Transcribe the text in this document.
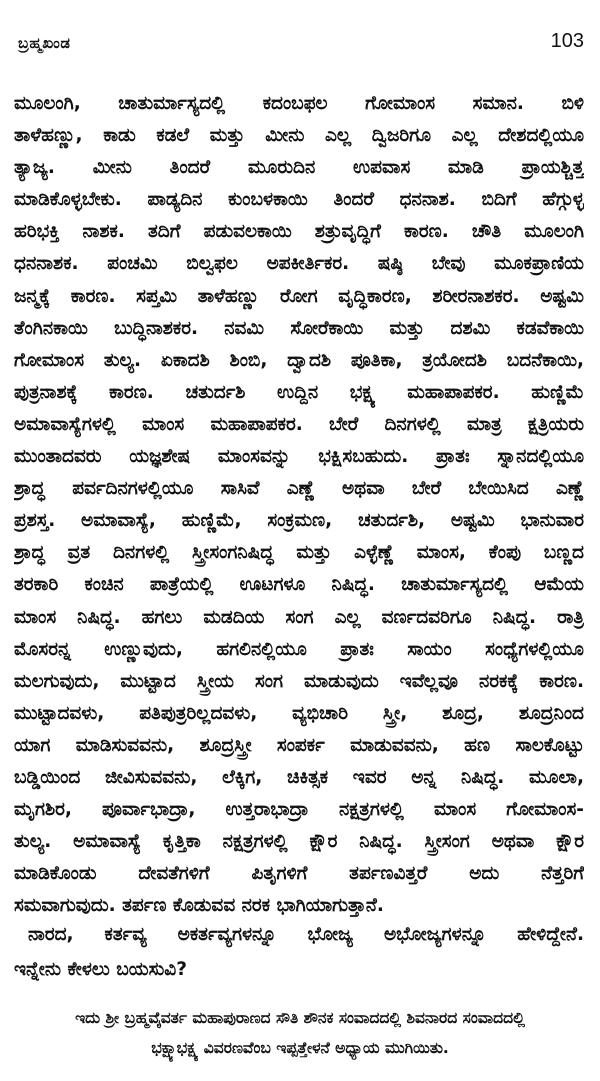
ಬ್ರಹ್ಮಖಂಡ	103
ಮೂಲಂಗಿ, ಚಾತುರ್ಮಾಸ್ಯದಲ್ಲಿ ಕದಂಬಫಲ ಗೋಮಾಂಸ ಸಮಾನ. ಬಿಳಿ
ತಾಳೆಹಣ್ಣು, ಕಾಡು ಕಡಲೆ ಮತ್ತು ಮೀನು ಎಲ್ಲ ದ್ವಿಜರಿಗೂ ಎಲ್ಲ ದೇಶದಲ್ಲಿಯೂ
ತ್ಯಾಜ್ಯ. ಮೀನು ತಿಂದರೆ ಮೂರುದಿನ ಉಪವಾಸ ಮಾಡಿ ಪ್ರಾಯಶ್ಚಿತ್ತ
ಮಾಡಿಕೊಳ್ಳಬೇಕು. ಪಾಡ್ಯದಿನ ಕುಂಬಳಕಾಯಿ ತಿಂದರೆ ಧನನಾಶ. ಬಿದಿಗೆ ಹೆಗ್ಗುಳ್ಳ
ಹರಿಭಕ್ತಿ ನಾಶಕ. ತದಿಗೆ ಪಡುವಲಕಾಯಿ ಶತ್ರುವೃದ್ಧಿಗೆ ಕಾರಣ. ಚೌತಿ ಮೂಲಂಗಿ
ಧನನಾಶಕ. ಪಂಚಮಿ ಬಿಲ್ವಫಲ ಅಪಕೀರ್ತಿಕರ. ಷಷ್ಠಿ ಬೇವು ಮೂಕಪ್ರಾಣಿಯ
ಜನ್ಮಕ್ಕೆ ಕಾರಣ. ಸಪ್ತಮಿ ತಾಳೆಹಣ್ಣು ರೋಗ ವೃದ್ಧಿಕಾರಣ, ಶರೀರನಾಶಕರ. ಅಷ್ಟಮಿ
ತೆಂಗಿನಕಾಯಿ ಬುದ್ಧಿನಾಶಕರ. ನವಮಿ ಸೋರೆಕಾಯಿ ಮತ್ತು ದಶಮಿ ಕಡವೆಕಾಯಿ
ಗೋಮಾಂಸ ತುಲ್ಯ. ಏಕಾದಶಿ ಶಿಂಬಿ, ದ್ವಾದಶಿ ಪೂತಿಕಾ, ತ್ರಯೋದಶಿ ಬದನೆಕಾಯಿ,
ಪುತ್ರನಾಶಕ್ಕೆ ಕಾರಣ. ಚತುರ್ದಶಿ ಉದ್ದಿನ ಭಕ್ಷ್ಯ ಮಹಾಪಾಪಕರ. ಹುಣ್ಣಿಮೆ
ಅಮಾವಾಸ್ಯೆಗಳಲ್ಲಿ ಮಾಂಸ ಮಹಾಪಾಪಕರ. ಬೇರೆ ದಿನಗಳಲ್ಲಿ ಮಾತ್ರ ಕ್ಷತ್ರಿಯರು
ಮುಂತಾದವರು ಯಜ್ಞಶೇಷ ಮಾಂಸವನ್ನು ಭಕ್ಷಿಸಬಹುದು. ಪ್ರಾತಃ ಸ್ನಾನದಲ್ಲಿಯೂ
ಶ್ರಾದ್ಧ ಪರ್ವದಿನಗಳಲ್ಲಿಯೂ ಸಾಸಿವೆ ಎಣ್ಣೆ ಅಥವಾ ಬೇರೆ ಬೇಯಿಸಿದ ಎಣ್ಣೆ
ಪ್ರಶಸ್ತ. ಅಮಾವಾಸ್ಯೆ, ಹುಣ್ಣಿಮೆ, ಸಂಕ್ರಮಣ, ಚತುರ್ದಶಿ, ಅಷ್ಟಮಿ ಭಾನುವಾರ
ಶ್ರಾದ್ಧ ವ್ರತ ದಿನಗಳಲ್ಲಿ ಸ್ತ್ರೀಸಂಗನಿಷಿದ್ಧ ಮತ್ತು ಎಳ್ಳೆಣ್ಣೆ ಮಾಂಸ, ಕೆಂಪು ಬಣ್ಣದ
ತರಕಾರಿ ಕಂಚಿನ ಪಾತ್ರೆಯಲ್ಲಿ ಊಟಗಳೂ ನಿಷಿದ್ಧ. ಚಾತುರ್ಮಾಸ್ಯದಲ್ಲಿ ಆಮೆಯ
ಮಾಂಸ ನಿಷಿದ್ಧ. ಹಗಲು ಮಡದಿಯ ಸಂಗ ಎಲ್ಲ ವರ್ಣದವರಿಗೂ ನಿಷಿದ್ಧ. ರಾತ್ರಿ
ಮೊಸರನ್ನ ಉಣ್ಣುವುದು, ಹಗಲಿನಲ್ಲಿಯೂ ಪ್ರಾತಃ ಸಾಯಂ ಸಂಧ್ಯೆಗಳಲ್ಲಿಯೂ
ಮಲಗುವುದು, ಮುಟ್ಟಾದ ಸ್ತ್ರೀಯ ಸಂಗ ಮಾಡುವುದು ಇವೆಲ್ಲವೂ ನರಕಕ್ಕೆ ಕಾರಣ.
ಮುಟ್ಟಾದವಳು, ಪತಿಪುತ್ರರಿಲ್ಲದವಳು, ವ್ಯಭಿಚಾರಿ ಸ್ತ್ರೀ, ಶೂದ್ರ, ಶೂದ್ರನಿಂದ
ಯಾಗ ಮಾಡಿಸುವವನು, ಶೂದ್ರಸ್ತ್ರೀ ಸಂಪರ್ಕ ಮಾಡುವವನು, ಹಣ ಸಾಲಕೊಟ್ಟು
ಬಡ್ಡಿಯಿಂದ ಜೀವಿಸುವವನು, ಲೆಕ್ಕಿಗ, ಚಿಕಿತ್ಸಕ ಇವರ ಅನ್ನ ನಿಷಿದ್ಧ. ಮೂಲಾ,
ಮೃಗಶಿರ, ಪೂರ್ವಾಭಾದ್ರಾ, ಉತ್ತರಾಭಾದ್ರಾ ನಕ್ಷತ್ರಗಳಲ್ಲಿ ಮಾಂಸ ಗೋಮಾಂಸ-
ತುಲ್ಯ. ಅಮಾವಾಸ್ಯೆ ಕೃತ್ತಿಕಾ ನಕ್ಷತ್ರಗಳಲ್ಲಿ ಕ್ಷೌರ ನಿಷಿದ್ಧ. ಸ್ತ್ರೀಸಂಗ ಅಥವಾ ಕ್ಷೌರ
ಮಾಡಿಕೊಂಡು ದೇವತೆಗಳಿಗೆ ಪಿತೃಗಳಿಗೆ ತರ್ಪಣವಿತ್ತರೆ ಅದು ನೆತ್ತರಿಗೆ
ಸಮವಾಗುವುದು. ತರ್ಪಣ ಕೊಡುವವ ನರಕ ಭಾಗಿಯಾಗುತ್ತಾನೆ.
ನಾರದ, ಕರ್ತವ್ಯ ಅಕರ್ತವ್ಯಗಳನ್ನೂ ಭೋಜ್ಯ ಅಭೋಜ್ಯಗಳನ್ನೂ ಹೇಳಿದ್ದೇನೆ.
ಇನ್ನೇನು ಕೇಳಲು ಬಯಸುವಿ?
ಇದು ಶ್ರೀ ಬ್ರಹ್ಮವೈವರ್ತ ಮಹಾಪುರಾಣದ ಸೌತಿ ಶೌನಕ ಸಂವಾದದಲ್ಲಿ ಶಿವನಾರದ ಸಂವಾದದಲ್ಲಿ
ಭಕ್ಷ್ಯಾಭಕ್ಷ್ಯ ವಿವರಣವೆಂಬ ಇಪ್ಪತ್ತೇಳನೆ ಅಧ್ಯಾಯ ಮುಗಿಯಿತು.
